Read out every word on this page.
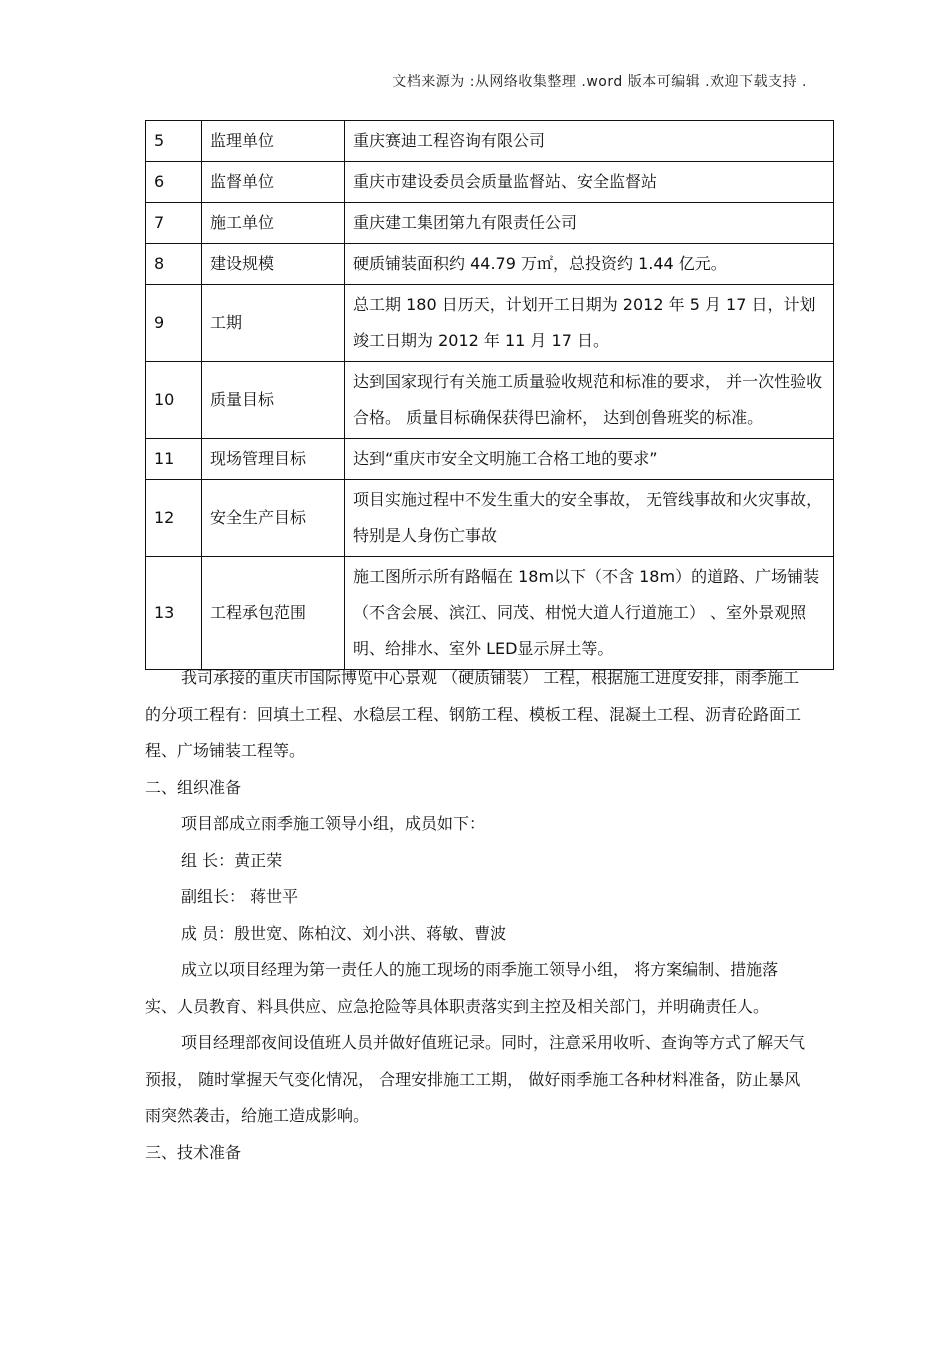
文档来源为 :从网络收集整理 .word 版本可编辑 .欢迎下载支持 .
5	监理单位	重庆赛迪工程咨询有限公司
6	监督单位	重庆市建设委员会质量监督站、安全监督站
7	施工单位	重庆建工集团第九有限责任公司
8	建设规模	硬质铺装面积约 44.79 万㎡，总投资约 1.44 亿元。
9	工期	总工期 180 日历天，计划开工日期为 2012 年 5 月 17 日，计划竣工日期为 2012 年 11 月 17 日。
10	质量目标	达到国家现行有关施工质量验收规范和标准的要求， 并一次性验收合格。 质量目标确保获得巴渝杯， 达到创鲁班奖的标准。
11	现场管理目标	达到“重庆市安全文明施工合格工地的要求”
12	安全生产目标	项目实施过程中不发生重大的安全事故， 无管线事故和火灾事故，特别是人身伤亡事故
13	工程承包范围	施工图所示所有路幅在 18m以下（不含 18m）的道路、广场铺装（不含会展、滨江、同茂、柑悦大道人行道施工） 、室外景观照明、给排水、室外 LED显示屏土等。

我司承接的重庆市国际博览中心景观 （硬质铺装） 工程，根据施工进度安排，雨季施工的分项工程有：回填土工程、水稳层工程、钢筋工程、模板工程、混凝土工程、沥青砼路面工程、广场铺装工程等。

二、组织准备

项目部成立雨季施工领导小组，成员如下：

组 长：黄正荣

副组长： 蒋世平

成 员：殷世宽、陈柏汶、刘小洪、蒋敏、曹波

成立以项目经理为第一责任人的施工现场的雨季施工领导小组， 将方案编制、措施落实、人员教育、料具供应、应急抢险等具体职责落实到主控及相关部门，并明确责任人。

项目经理部夜间设值班人员并做好值班记录。同时，注意采用收听、查询等方式了解天气预报， 随时掌握天气变化情况， 合理安排施工工期， 做好雨季施工各种材料准备，防止暴风雨突然袭击，给施工造成影响。

三、技术准备
